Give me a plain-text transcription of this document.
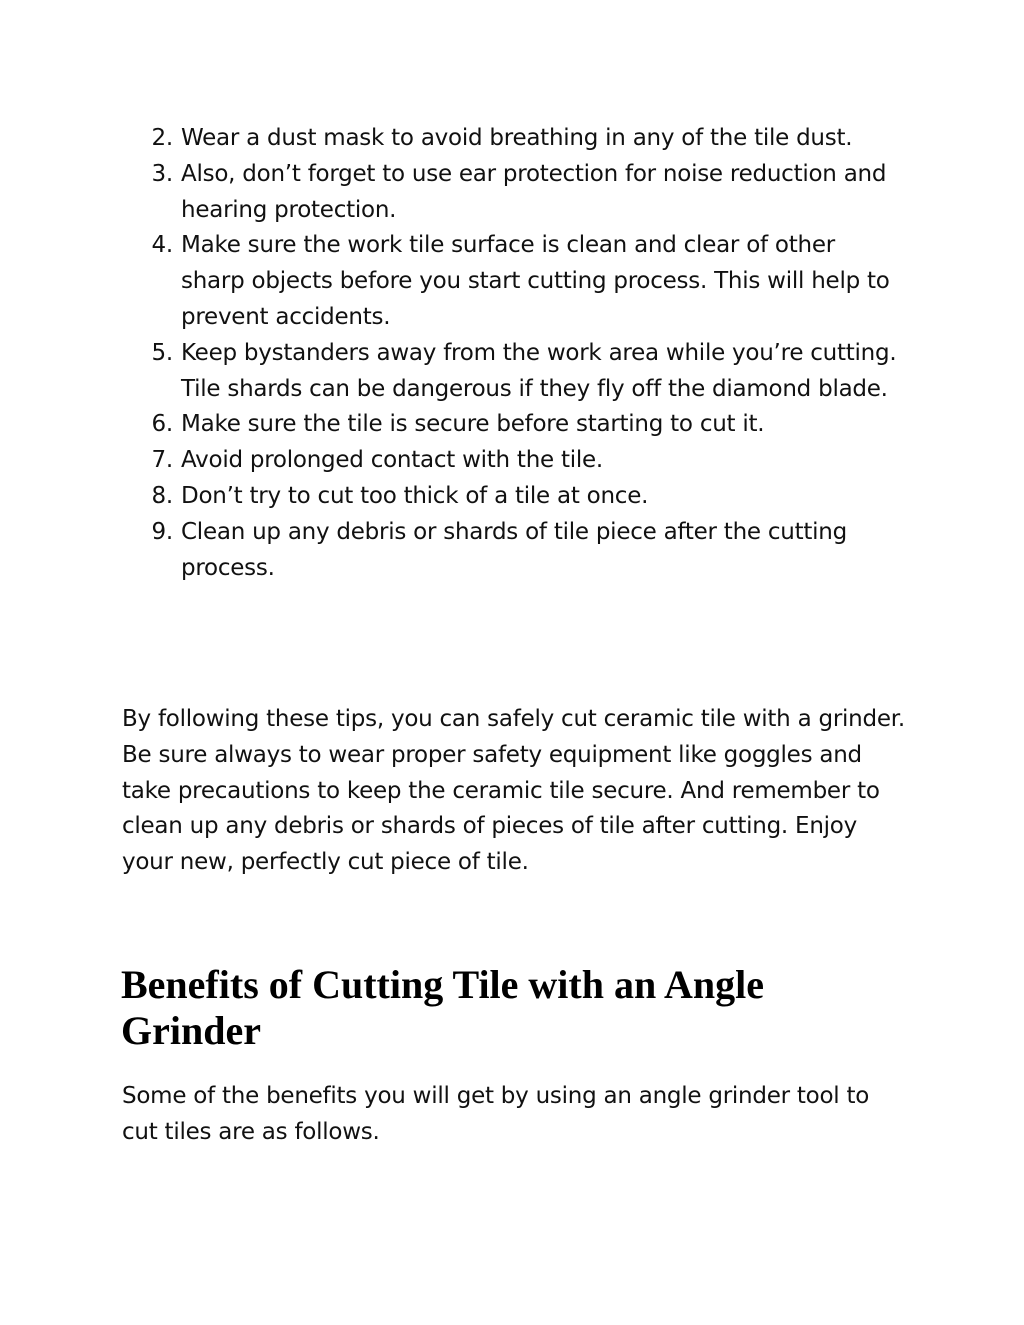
2. Wear a dust mask to avoid breathing in any of the tile dust.
3. Also, don’t forget to use ear protection for noise reduction and hearing protection.
4. Make sure the work tile surface is clean and clear of other sharp objects before you start cutting process. This will help to prevent accidents.
5. Keep bystanders away from the work area while you’re cutting. Tile shards can be dangerous if they fly off the diamond blade.
6. Make sure the tile is secure before starting to cut it.
7. Avoid prolonged contact with the tile.
8. Don’t try to cut too thick of a tile at once.
9. Clean up any debris or shards of tile piece after the cutting process.

By following these tips, you can safely cut ceramic tile with a grinder. Be sure always to wear proper safety equipment like goggles and take precautions to keep the ceramic tile secure. And remember to clean up any debris or shards of pieces of tile after cutting. Enjoy your new, perfectly cut piece of tile.

Benefits of Cutting Tile with an Angle Grinder

Some of the benefits you will get by using an angle grinder tool to cut tiles are as follows.
